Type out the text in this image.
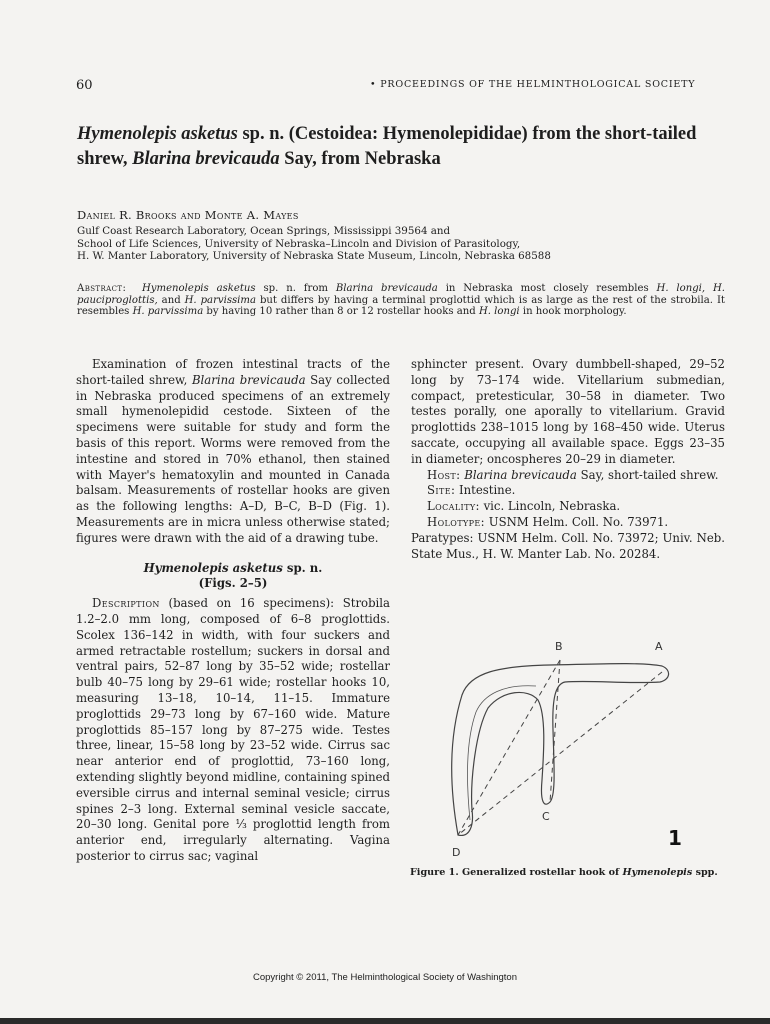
60	• PROCEEDINGS OF THE HELMINTHOLOGICAL SOCIETY
Hymenolepis asketus sp. n. (Cestoidea: Hymenolepididae) from the short-tailed shrew, Blarina brevicauda Say, from Nebraska
Daniel R. Brooks and Monte A. Mayes
Gulf Coast Research Laboratory, Ocean Springs, Mississippi 39564 and
School of Life Sciences, University of Nebraska–Lincoln and Division of Parasitology,
H. W. Manter Laboratory, University of Nebraska State Museum, Lincoln, Nebraska 68588
Abstract: Hymenolepis asketus sp. n. from Blarina brevicauda in Nebraska most closely resembles H. longi, H. pauciproglottis, and H. parvissima but differs by having a terminal proglottid which is as large as the rest of the strobila. It resembles H. parvissima by having 10 rather than 8 or 12 rostellar hooks and H. longi in hook morphology.

Examination of frozen intestinal tracts of the short-tailed shrew, Blarina brevicauda Say collected in Nebraska produced specimens of an extremely small hymenolepidid cestode. Sixteen of the specimens were suitable for study and form the basis of this report. Worms were removed from the intestine and stored in 70% ethanol, then stained with Mayer's hematoxylin and mounted in Canada balsam. Measurements of rostellar hooks are given as the following lengths: A–D, B–C, B–D (Fig. 1). Measurements are in micra unless otherwise stated; figures were drawn with the aid of a drawing tube.

Hymenolepis asketus sp. n.

(Figs. 2–5)

Description (based on 16 specimens): Strobila 1.2–2.0 mm long, composed of 6–8 proglottids. Scolex 136–142 in width, with four suckers and armed retractable rostellum; suckers in dorsal and ventral pairs, 52–87 long by 35–52 wide; rostellar bulb 40–75 long by 29–61 wide; rostellar hooks 10, measuring 13–18, 10–14, 11–15. Immature proglottids 29–73 long by 67–160 wide. Mature proglottids 85–157 long by 87–275 wide. Testes three, linear, 15–58 long by 23–52 wide. Cirrus sac near anterior end of proglottid, 73–160 long, extending slightly beyond midline, containing spined eversible cirrus and internal seminal vesicle; cirrus spines 2–3 long. External seminal vesicle saccate, 20–30 long. Genital pore ⅓ proglottid length from anterior end, irregularly alternating. Vagina posterior to cirrus sac; vaginal

sphincter present. Ovary dumbbell-shaped, 29–52 long by 73–174 wide. Vitellarium submedian, compact, pretesticular, 30–58 in diameter. Two testes porally, one aporally to vitellarium. Gravid proglottids 238–1015 long by 168–450 wide. Uterus saccate, occupying all available space. Eggs 23–35 in diameter; oncospheres 20–29 in diameter.

Host: Blarina brevicauda Say, short-tailed shrew.

Site: Intestine.

Locality: vic. Lincoln, Nebraska.

Holotype: USNM Helm. Coll. No. 73971.

Paratypes: USNM Helm. Coll. No. 73972; Univ. Neb. State Mus., H. W. Manter Lab. No. 20284.

B	A
C
D
1
Figure 1. Generalized rostellar hook of Hymenolepis spp.
Copyright © 2011, The Helminthological Society of Washington
